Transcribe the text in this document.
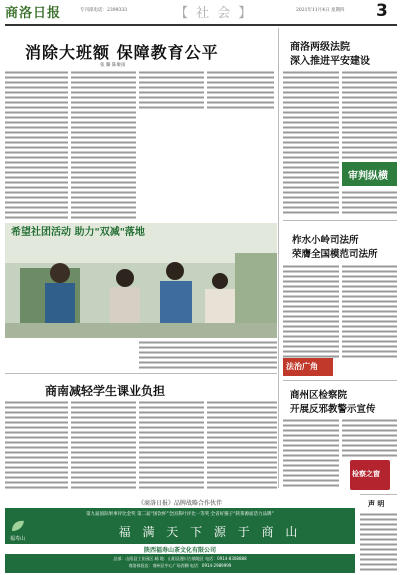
商洛日报	专刊部电话：2399333	【 社 会 】	2021年11月4日 星期四 3
消除大班额 保障教育公平
张 璐 陈俊雨
商洛两级法院
深入推进平安建设
审判纵横
希望社团活动 助力"双减"落地
柞水小岭司法所
荣膺全国模范司法所
法治广角
商南减轻学生课业负担	商州区检察院
开展反邪教警示宣传
检察之窗
声 明
《商洛日报》品牌战略合作伙伴
第九届国际果事评比金奖 第二届“国饮杯”全国茶叶评比一等奖 全省好猕子“陕茶源面活力品牌”
福寿山	福 满 天 下 源 于 商 山
陕西福寿山茶文化有限公司
总部：山阳县工业园区 邮 地：山阳县漫川古镇地区 电话：0914-8308888
商洛体验店：商州区中心广场西侧 电话：0914-2989999
